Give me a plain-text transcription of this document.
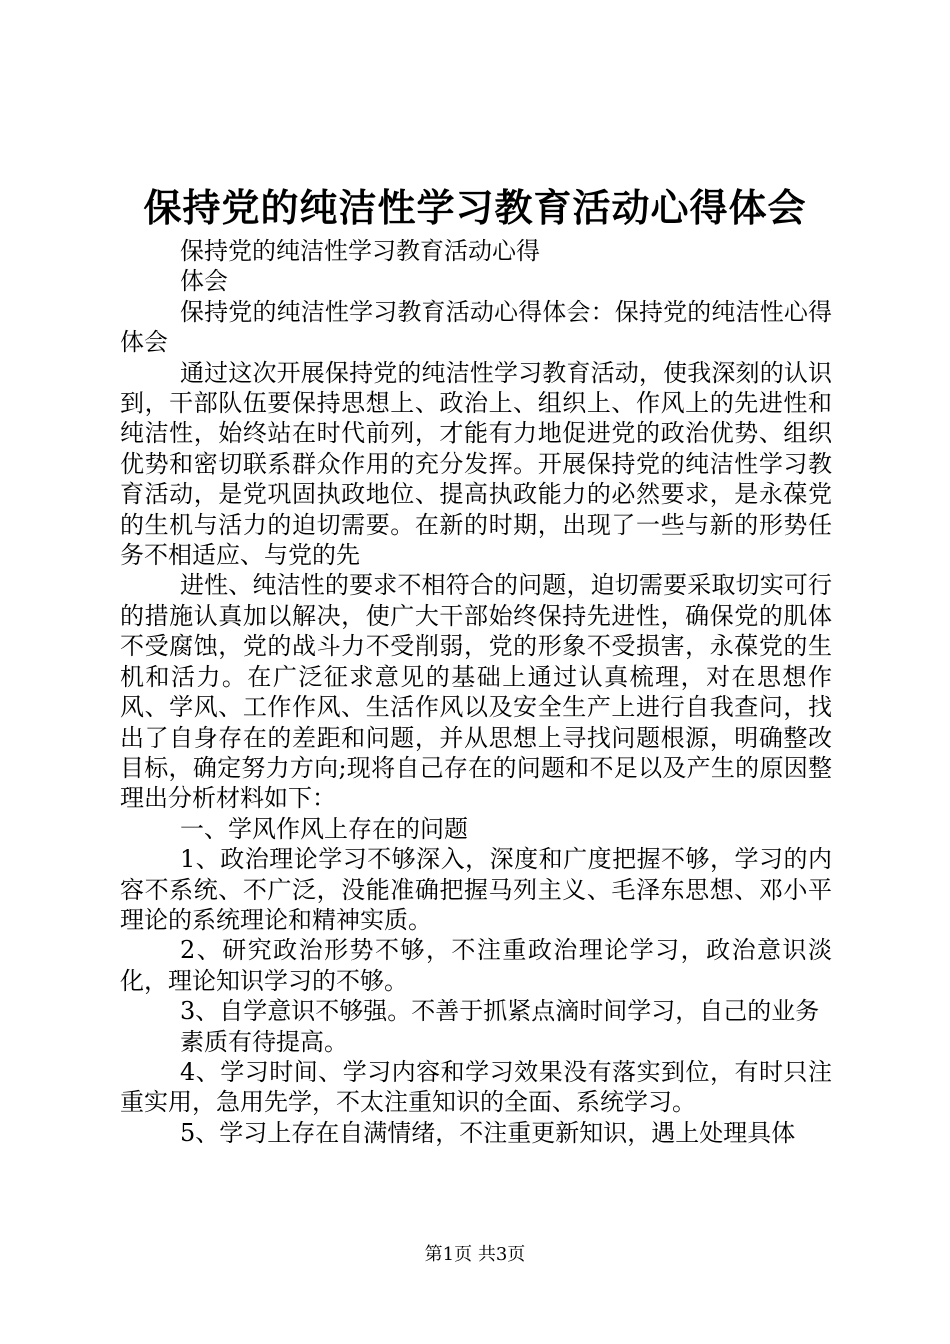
保持党的纯洁性学习教育活动心得体会

保持党的纯洁性学习教育活动心得

体会

保持党的纯洁性学习教育活动心得体会：保持党的纯洁性心得体会

通过这次开展保持党的纯洁性学习教育活动，使我深刻的认识到，干部队伍要保持思想上、政治上、组织上、作风上的先进性和纯洁性，始终站在时代前列，才能有力地促进党的政治优势、组织优势和密切联系群众作用的充分发挥。开展保持党的纯洁性学习教育活动，是党巩固执政地位、提高执政能力的必然要求，是永葆党的生机与活力的迫切需要。在新的时期，出现了一些与新的形势任务不相适应、与党的先

进性、纯洁性的要求不相符合的问题，迫切需要采取切实可行的措施认真加以解决，使广大干部始终保持先进性，确保党的肌体不受腐蚀，党的战斗力不受削弱，党的形象不受损害，永葆党的生机和活力。在广泛征求意见的基础上通过认真梳理，对在思想作风、学风、工作作风、生活作风以及安全生产上进行自我查问，找出了自身存在的差距和问题，并从思想上寻找问题根源，明确整改目标，确定努力方向;现将自己存在的问题和不足以及产生的原因整理出分析材料如下：

一、学风作风上存在的问题

1、政治理论学习不够深入，深度和广度把握不够，学习的内容不系统、不广泛，没能准确把握马列主义、毛泽东思想、邓小平理论的系统理论和精神实质。

2、研究政治形势不够，不注重政治理论学习，政治意识淡化，理论知识学习的不够。

3、自学意识不够强。不善于抓紧点滴时间学习，自己的业务

素质有待提高。

4、学习时间、学习内容和学习效果没有落实到位，有时只注重实用，急用先学，不太注重知识的全面、系统学习。

5、学习上存在自满情绪，不注重更新知识，遇上处理具体

第1页 共3页
